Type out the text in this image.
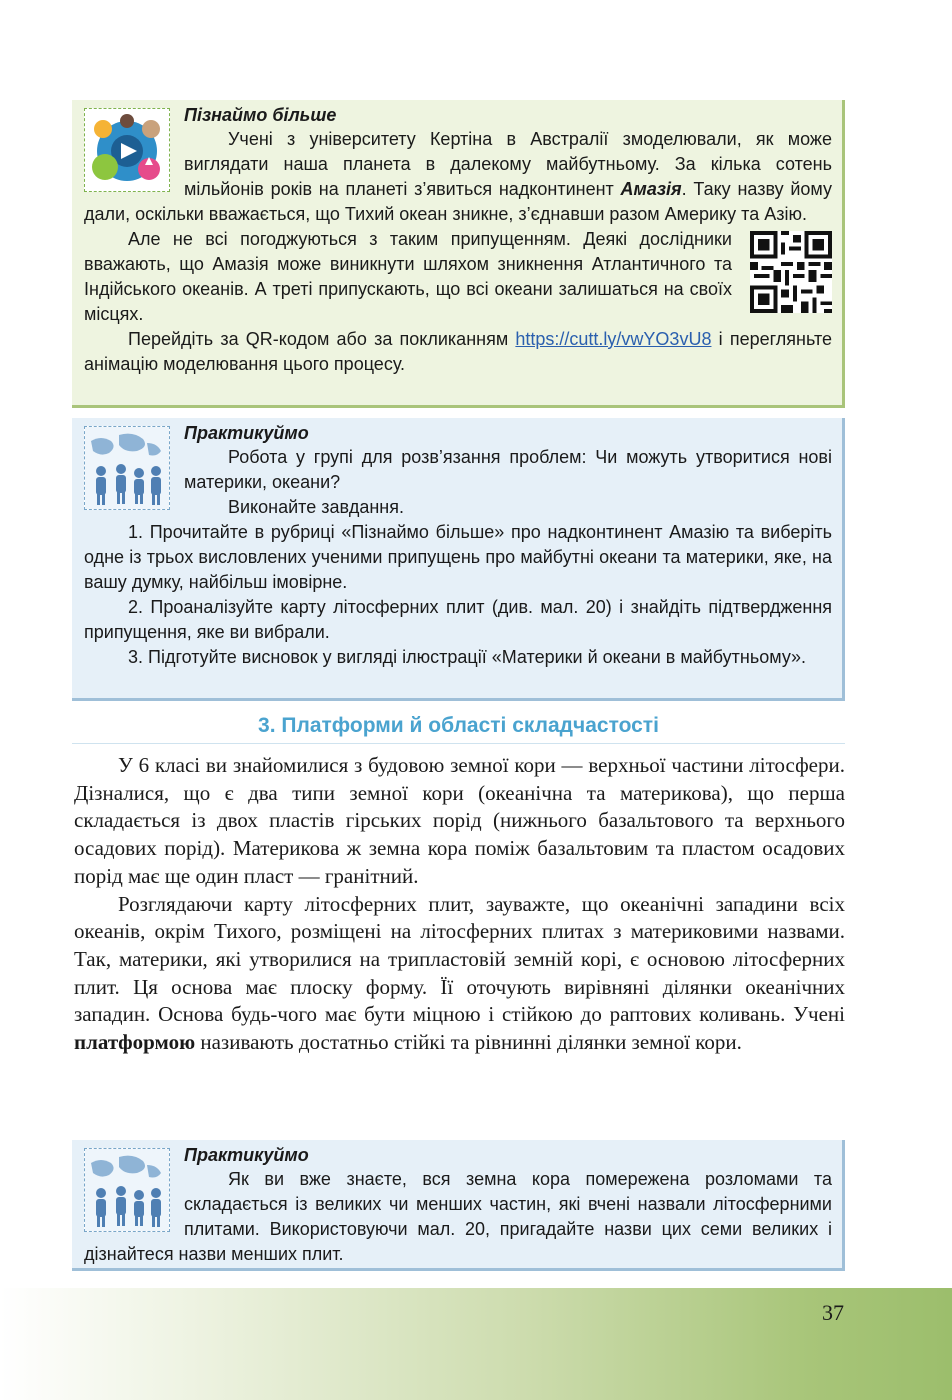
Пізнаймо більше

Учені з університету Кертіна в Австралії змоделювали, як може виглядати наша планета в далекому майбутньому. За кілька сотень мільйонів років на планеті з’явиться надконтинент Амазія. Таку назву йому дали, оскільки вважається, що Тихий океан зникне, з’єднавши разом Америку та Азію.

Але не всі погоджуються з таким припущенням. Деякі дослідники вважають, що Амазія може виникнути шляхом зникнення Атлантичного та Індійського океанів. А треті припускають, що всі океани залишаться на своїх місцях.

Перейдіть за QR-кодом або за покликанням https://cutt.ly/vwYO3vU8 і перегляньте анімацію моделювання цього процесу.

Практикуймо

Робота у групі для розв’язання проблем: Чи можуть утворитися нові материки, океани?

Виконайте завдання.

1. Прочитайте в рубриці «Пізнаймо більше» про надконтинент Амазію та виберіть одне із трьох висловлених ученими припущень про майбутні океани та материки, яке, на вашу думку, найбільш імовірне.

2. Проаналізуйте карту літосферних плит (див. мал. 20) і знайдіть підтвердження припущення, яке ви вибрали.

3. Підготуйте висновок у вигляді ілюстрації «Материки й океани в майбутньому».

3. Платформи й області складчастості

У 6 класі ви знайомилися з будовою земної кори — верхньої частини літосфери. Дізналися, що є два типи земної кори (океанічна та материкова), що перша складається із двох пластів гірських порід (нижнього базальтового та верхнього осадових порід). Материкова ж земна кора поміж базальтовим та пластом осадових порід має ще один пласт — гранітний.

Розглядаючи карту літосферних плит, зауважте, що океанічні западини всіх океанів, окрім Тихого, розміщені на літосферних плитах з материковими назвами. Так, материки, які утворилися на трипластовій земній корі, є основою літосферних плит. Ця основа має плоску форму. Її оточують вирівняні ділянки океанічних западин. Основа будь-чого має бути міцною і стійкою до раптових коливань. Учені платформою називають достатньо стійкі та рівнинні ділянки земної кори.

Практикуймо

Як ви вже знаєте, вся земна кора помережена розломами та складається із великих чи менших частин, які вчені назвали літосферними плитами. Використовуючи мал. 20, пригадайте назви цих семи великих і дізнайтеся назви менших плит.

37
